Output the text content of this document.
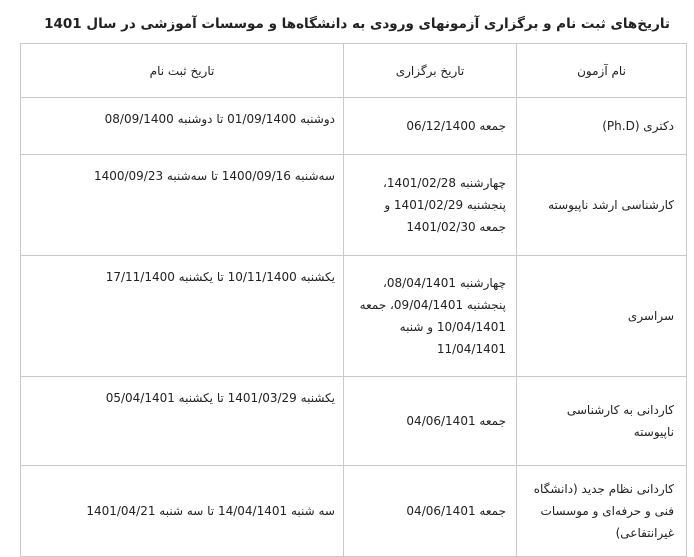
تاریخ‌های ثبت نام و برگزاری آزمونهای ورودی به دانشگاه‌ها و موسسات آموزشی در سال 1401
نام آزمون	تاریخ برگزاری	تاریخ ثبت نام
دکتری (Ph.D)	جمعه 06/12/1400	دوشنبه 01/09/1400 تا دوشنبه 08/09/1400
کارشناسی ارشد ناپیوسته	چهارشنبه 1401/02/28، پنجشنبه 1401/02/29 و جمعه 1401/02/30	سه‌شنبه 1400/09/16 تا سه‌شنبه 1400/09/23
سراسری	چهارشنبه 08/04/1401، پنجشنبه 09/04/1401، جمعه 10/04/1401 و شنبه 11/04/1401	یکشنبه 10/11/1400 تا یکشنبه 17/11/1400
کاردانی به کارشناسی ناپیوسته	جمعه 04/06/1401	یکشنبه 1401/03/29 تا یکشنبه 05/04/1401
کاردانی نظام جدید (دانشگاه فنی و حرفه‌ای و موسسات غیرانتفاعی)	جمعه 04/06/1401	سه شنبه 14/04/1401 تا سه شنبه 1401/04/21
